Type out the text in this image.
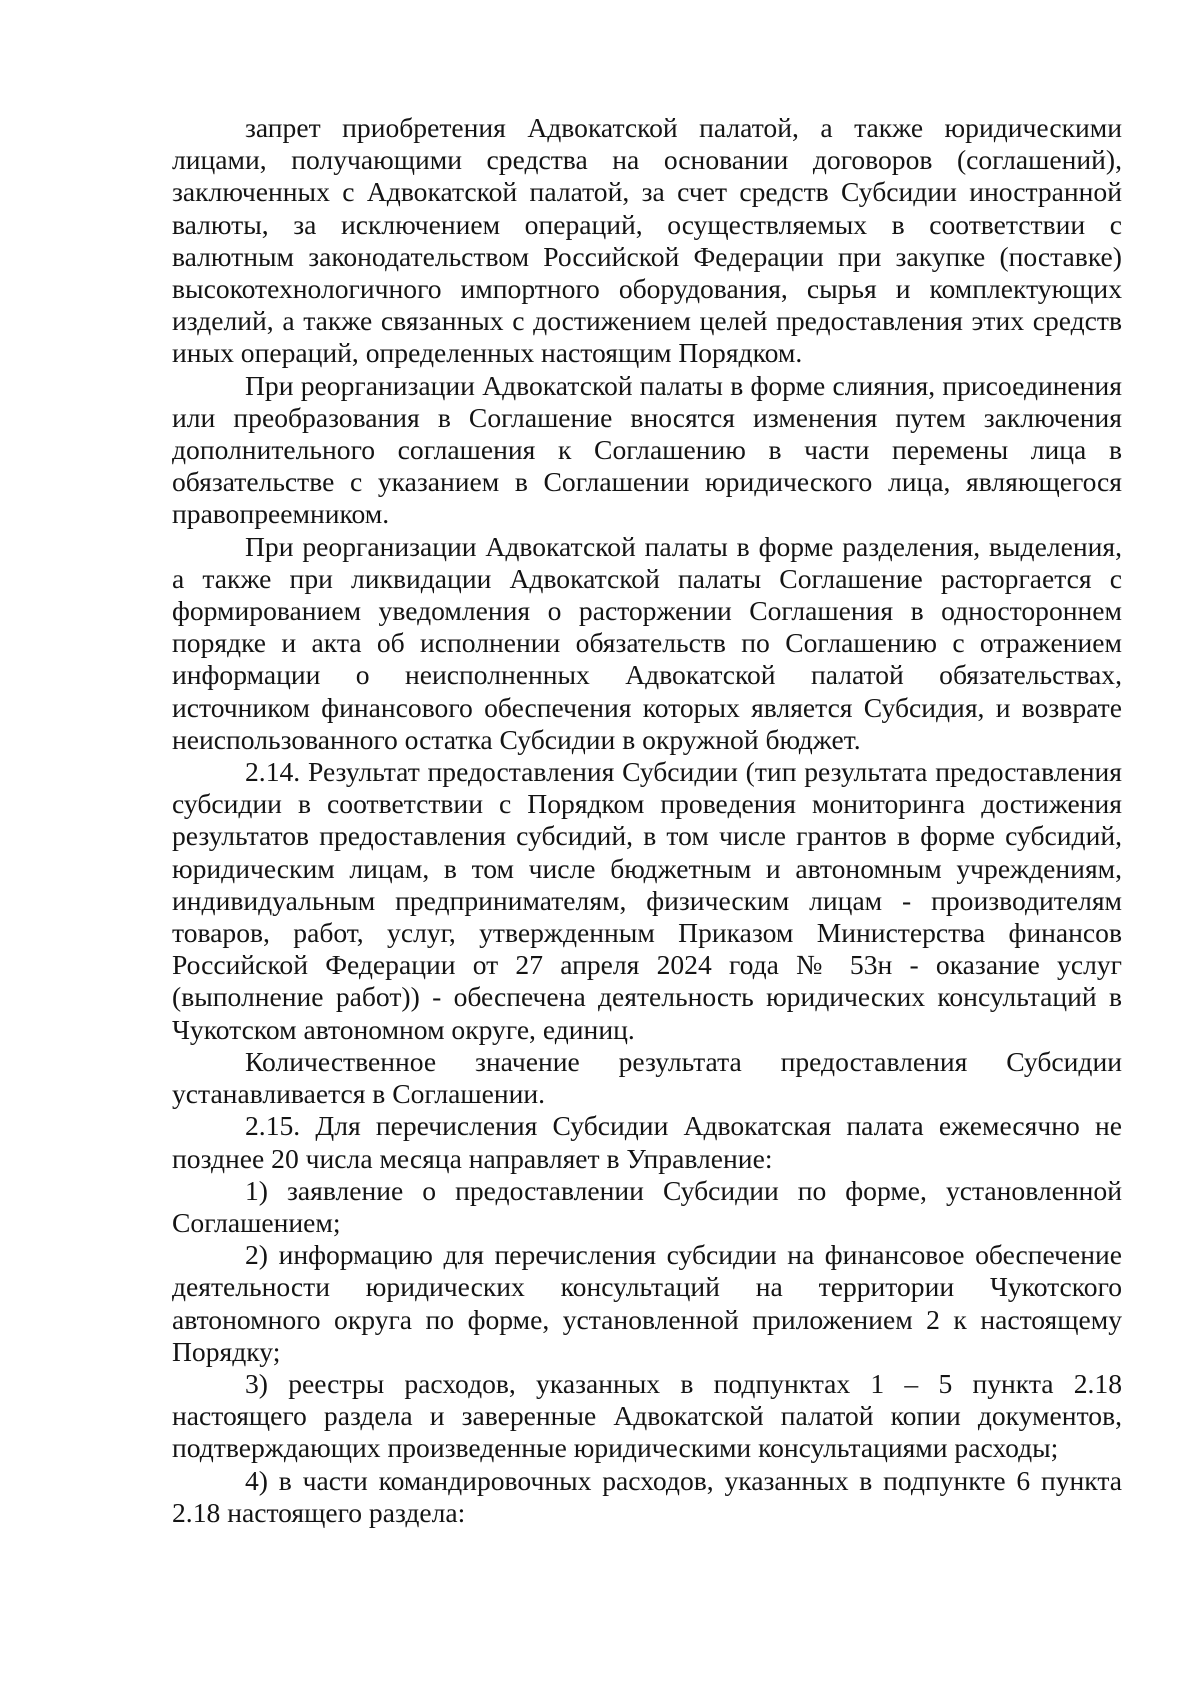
запрет приобретения Адвокатской палатой, а также юридическими лицами, получающими средства на основании договоров (соглашений), заключенных с Адвокатской палатой, за счет средств Субсидии иностранной валюты, за исключением операций, осуществляемых в соответствии с валютным законодательством Российской Федерации при закупке (поставке) высокотехнологичного импортного оборудования, сырья и комплектующих изделий, а также связанных с достижением целей предоставления этих средств иных операций, определенных настоящим Порядком.

При реорганизации Адвокатской палаты в форме слияния, присоединения или преобразования в Соглашение вносятся изменения путем заключения дополнительного соглашения к Соглашению в части перемены лица в обязательстве с указанием в Соглашении юридического лица, являющегося правопреемником.

При реорганизации Адвокатской палаты в форме разделения, выделения, а также при ликвидации Адвокатской палаты Соглашение расторгается с формированием уведомления о расторжении Соглашения в одностороннем порядке и акта об исполнении обязательств по Соглашению с отражением информации о неисполненных Адвокатской палатой обязательствах, источником финансового обеспечения которых является Субсидия, и возврате неиспользованного остатка Субсидии в окружной бюджет.

2.14. Результат предоставления Субсидии (тип результата предоставления субсидии в соответствии с Порядком проведения мониторинга достижения результатов предоставления субсидий, в том числе грантов в форме субсидий, юридическим лицам, в том числе бюджетным и автономным учреждениям, индивидуальным предпринимателям, физическим лицам - производителям товаров, работ, услуг, утвержденным Приказом Министерства финансов Российской Федерации от 27 апреля 2024 года № 53н - оказание услуг (выполнение работ)) - обеспечена деятельность юридических консультаций в Чукотском автономном округе, единиц.

Количественное значение результата предоставления Субсидии устанавливается в Соглашении.

2.15. Для перечисления Субсидии Адвокатская палата ежемесячно не позднее 20 числа месяца направляет в Управление:

1) заявление о предоставлении Субсидии по форме, установленной Соглашением;

2) информацию для перечисления субсидии на финансовое обеспечение деятельности юридических консультаций на территории Чукотского автономного округа по форме, установленной приложением 2 к настоящему Порядку;

3) реестры расходов, указанных в подпунктах 1 – 5 пункта 2.18 настоящего раздела и заверенные Адвокатской палатой копии документов, подтверждающих произведенные юридическими консультациями расходы;

4) в части командировочных расходов, указанных в подпункте 6 пункта 2.18 настоящего раздела:
